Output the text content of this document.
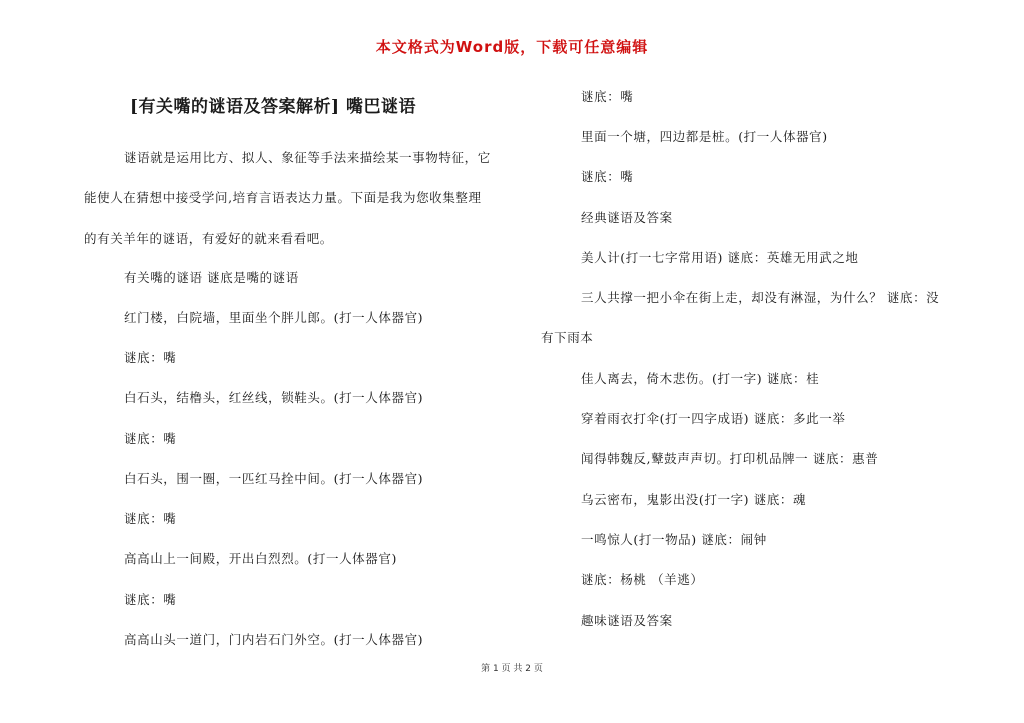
本文格式为Word版，下载可任意编辑
[有关嘴的谜语及答案解析] 嘴巴谜语
谜语就是运用比方、拟人、象征等手法来描绘某一事物特征，它
能使人在猜想中接受学问,培育言语表达力量。下面是我为您收集整理
的有关羊年的谜语，有爱好的就来看看吧。
有关嘴的谜语 谜底是嘴的谜语
红门楼，白院墙，里面坐个胖儿郎。(打一人体器官)
谜底：嘴
白石头，结橹头，红丝线，锁鞋头。(打一人体器官)
谜底：嘴
白石头，围一圈，一匹红马拴中间。(打一人体器官)
谜底：嘴
高高山上一间殿，开出白烈烈。(打一人体器官)
谜底：嘴
高高山头一道门，门内岩石门外空。(打一人体器官)
谜底：嘴
里面一个塘，四边都是桩。(打一人体器官)
谜底：嘴
经典谜语及答案
美人计(打一七字常用语) 谜底：英雄无用武之地
三人共撑一把小伞在街上走，却没有淋湿，为什么？ 谜底：没
有下雨本
佳人离去，倚木悲伤。(打一字) 谜底：桂
穿着雨衣打伞(打一四字成语) 谜底：多此一举
闻得韩魏反,鼙鼓声声切。打印机品牌一 谜底：惠普
乌云密布，鬼影出没(打一字) 谜底：魂
一鸣惊人(打一物品) 谜底：闹钟
谜底：杨桃 （羊逃）
趣味谜语及答案
第 1 页 共 2 页
